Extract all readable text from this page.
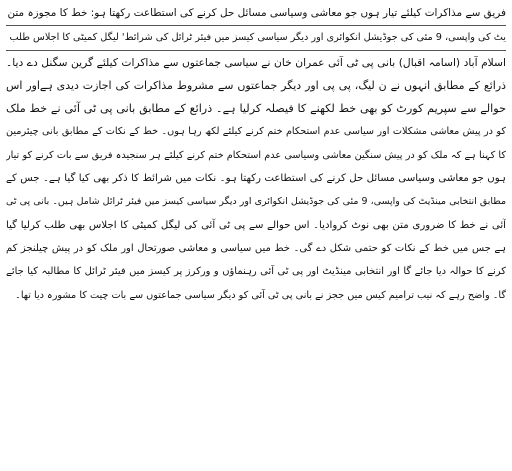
فریق سے مذاکرات کیلئے تیار ہوں جو معاشی وسیاسی مسائل حل کرنے کی استطاعت رکھتا ہو: خط کا مجوزہ متن
یٹ کی واپسی، 9 مئی کی جوڈیشل انکوائری اور دیگر سیاسی کیسز میں فیئر ٹرائل کی شرائط' لیگل کمیٹی کا اجلاس طلب
اسلام آباد (اسامہ اقبال) بانی پی ٹی آئی عمران خان نے سیاسی جماعتوں سے مذاکرات کیلئے گرین سگنل دے دیا۔
ذرائع کے مطابق انہوں نے ن لیگ، پی پی اور دیگر جماعتوں سے مشروط مذاکرات کی اجازت دیدی ہےاور اس
حوالے سے سپریم کورٹ کو بھی خط لکھنے کا فیصلہ کرلیا ہے۔ ذرائع کے مطابق بانی پی ٹی آئی نے خط ملک
کو در پیش معاشی مشکلات اور سیاسی عدم استحکام ختم کرنے کیلئے لکھ رہا ہوں۔ خط کے نکات کے مطابق بانی چیئرمین
کا کہنا ہے کہ ملک کو در پیش سنگین معاشی وسیاسی عدم استحکام ختم کرنے کیلئے ہر سنجیدہ فریق سے بات کرنے کو تیار
ہوں جو معاشی وسیاسی مسائل حل کرنے کی استطاعت رکھتا ہو۔ نکات میں شرائط کا ذکر بھی کیا گیا ہے۔ جس کے
مطابق انتخابی مینڈیٹ کی واپسی، 9 مئی کی جوڈیشل انکوائری اور دیگر سیاسی کیسز میں فیئر ٹرائل شامل ہیں۔ بانی پی ٹی
آئی نے خط کا ضروری متن بھی نوٹ کروادیا۔ اس حوالے سے پی ٹی آئی کی لیگل کمیٹی کا اجلاس بھی طلب کرلیا گیا
ہے جس میں خط کے نکات کو حتمی شکل دے گی۔ خط میں سیاسی و معاشی صورتحال اور ملک کو در پیش چیلنجز کم
کرنے کا حوالہ دیا جائے گا اور انتخابی مینڈیٹ اور پی ٹی آئی رہنماؤں و ورکرز پر کیسز میں فیئر ٹرائل کا مطالبہ کیا جائے
گا۔ واضح رہے کہ نیب ترامیم کیس میں ججز نے بانی پی ٹی آئی کو دیگر سیاسی جماعتوں سے بات چیت کا مشورہ دیا تھا۔
